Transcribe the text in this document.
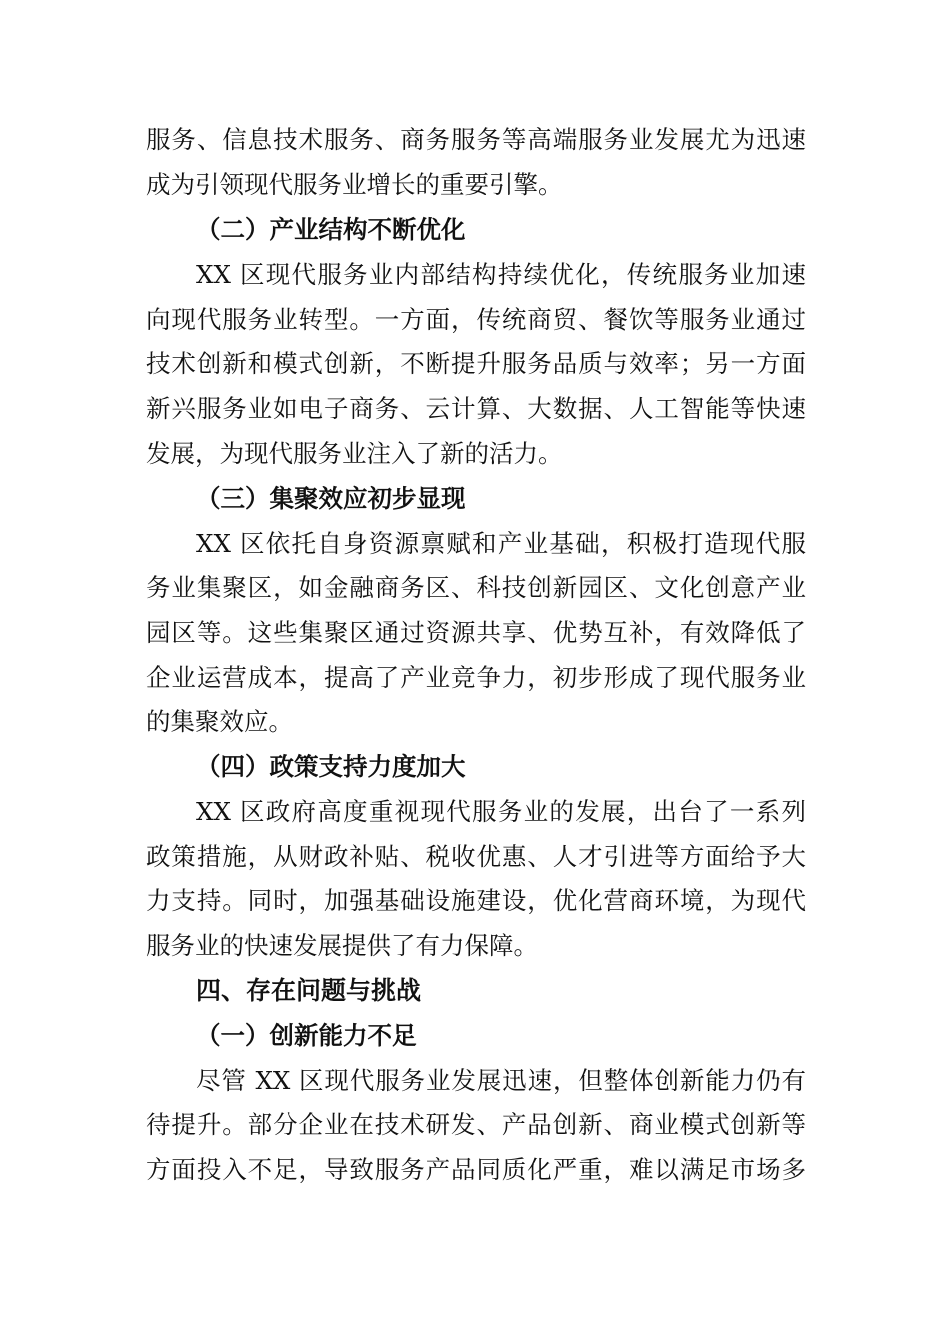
服务、信息技术服务、商务服务等高端服务业发展尤为迅速

成为引领现代服务业增长的重要引擎。

（二）产业结构不断优化

XX 区现代服务业内部结构持续优化，传统服务业加速

向现代服务业转型。一方面，传统商贸、餐饮等服务业通过

技术创新和模式创新，不断提升服务品质与效率；另一方面

新兴服务业如电子商务、云计算、大数据、人工智能等快速

发展，为现代服务业注入了新的活力。

（三）集聚效应初步显现

XX 区依托自身资源禀赋和产业基础，积极打造现代服

务业集聚区，如金融商务区、科技创新园区、文化创意产业

园区等。这些集聚区通过资源共享、优势互补，有效降低了

企业运营成本，提高了产业竞争力，初步形成了现代服务业

的集聚效应。

（四）政策支持力度加大

XX 区政府高度重视现代服务业的发展，出台了一系列

政策措施，从财政补贴、税收优惠、人才引进等方面给予大

力支持。同时，加强基础设施建设，优化营商环境，为现代

服务业的快速发展提供了有力保障。

四、存在问题与挑战
（一）创新能力不足

尽管 XX 区现代服务业发展迅速，但整体创新能力仍有

待提升。部分企业在技术研发、产品创新、商业模式创新等

方面投入不足，导致服务产品同质化严重，难以满足市场多
